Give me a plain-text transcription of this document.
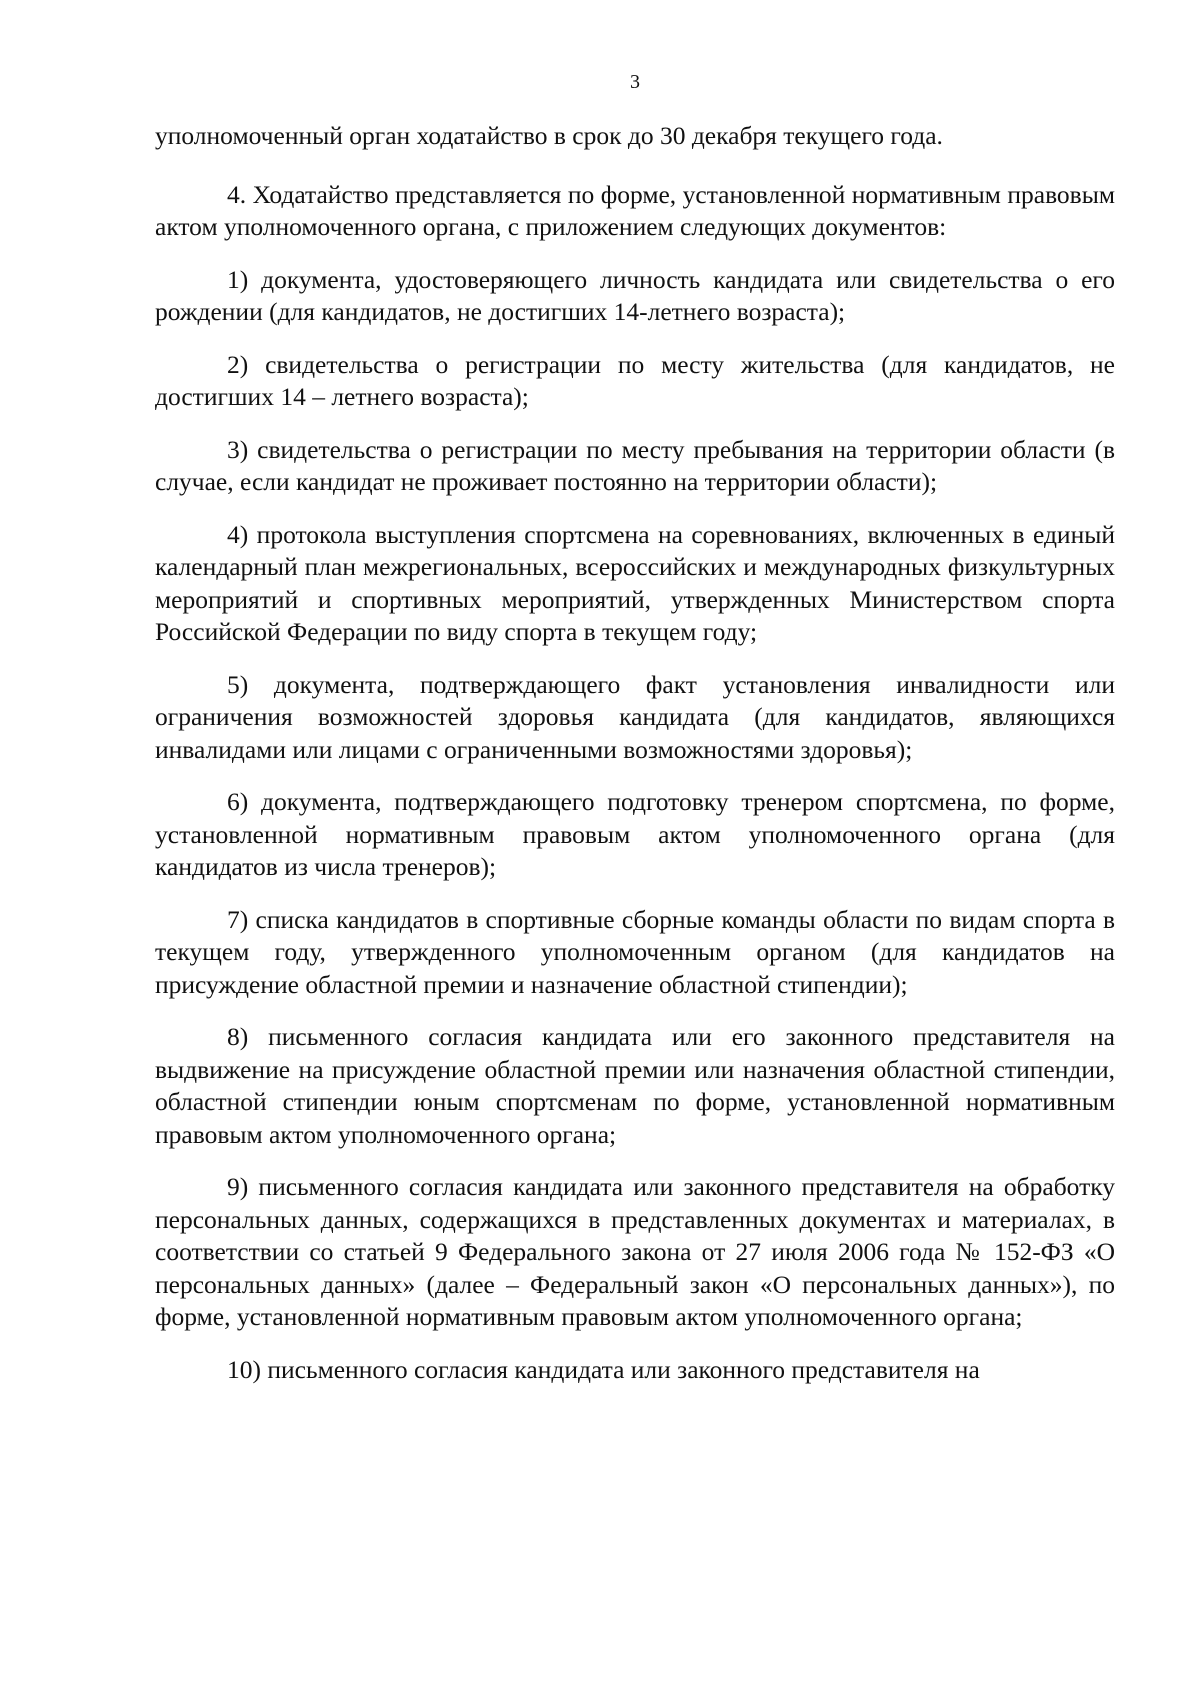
3

уполномоченный орган ходатайство в срок до 30 декабря текущего года.

4. Ходатайство представляется по форме, установленной нормативным правовым актом уполномоченного органа, с приложением следующих документов:

1) документа, удостоверяющего личность кандидата или свидетельства о его рождении (для кандидатов, не достигших 14-летнего возраста);

2) свидетельства о регистрации по месту жительства (для кандидатов, не достигших 14 – летнего возраста);

3) свидетельства о регистрации по месту пребывания на территории области (в случае, если кандидат не проживает постоянно на территории области);

4) протокола выступления спортсмена на соревнованиях, включенных в единый календарный план межрегиональных, всероссийских и международных физкультурных мероприятий и спортивных мероприятий, утвержденных Министерством спорта Российской Федерации по виду спорта в текущем году;

5) документа, подтверждающего факт установления инвалидности или ограничения возможностей здоровья кандидата (для кандидатов, являющихся инвалидами или лицами с ограниченными возможностями здоровья);

6) документа, подтверждающего подготовку тренером спортсмена, по форме, установленной нормативным правовым актом уполномоченного органа (для кандидатов из числа тренеров);

7) списка кандидатов в спортивные сборные команды области по видам спорта в текущем году, утвержденного уполномоченным органом (для кандидатов на присуждение областной премии и назначение областной стипендии);

8) письменного согласия кандидата или его законного представителя на выдвижение на присуждение областной премии или назначения областной стипендии, областной стипендии юным спортсменам по форме, установленной нормативным правовым актом уполномоченного органа;

9) письменного согласия кандидата или законного представителя на обработку персональных данных, содержащихся в представленных документах и материалах, в соответствии со статьей 9 Федерального закона от 27 июля 2006 года № 152-ФЗ «О персональных данных» (далее – Федеральный закон «О персональных данных»), по форме, установленной нормативным правовым актом уполномоченного органа;

10) письменного согласия кандидата или законного представителя на
